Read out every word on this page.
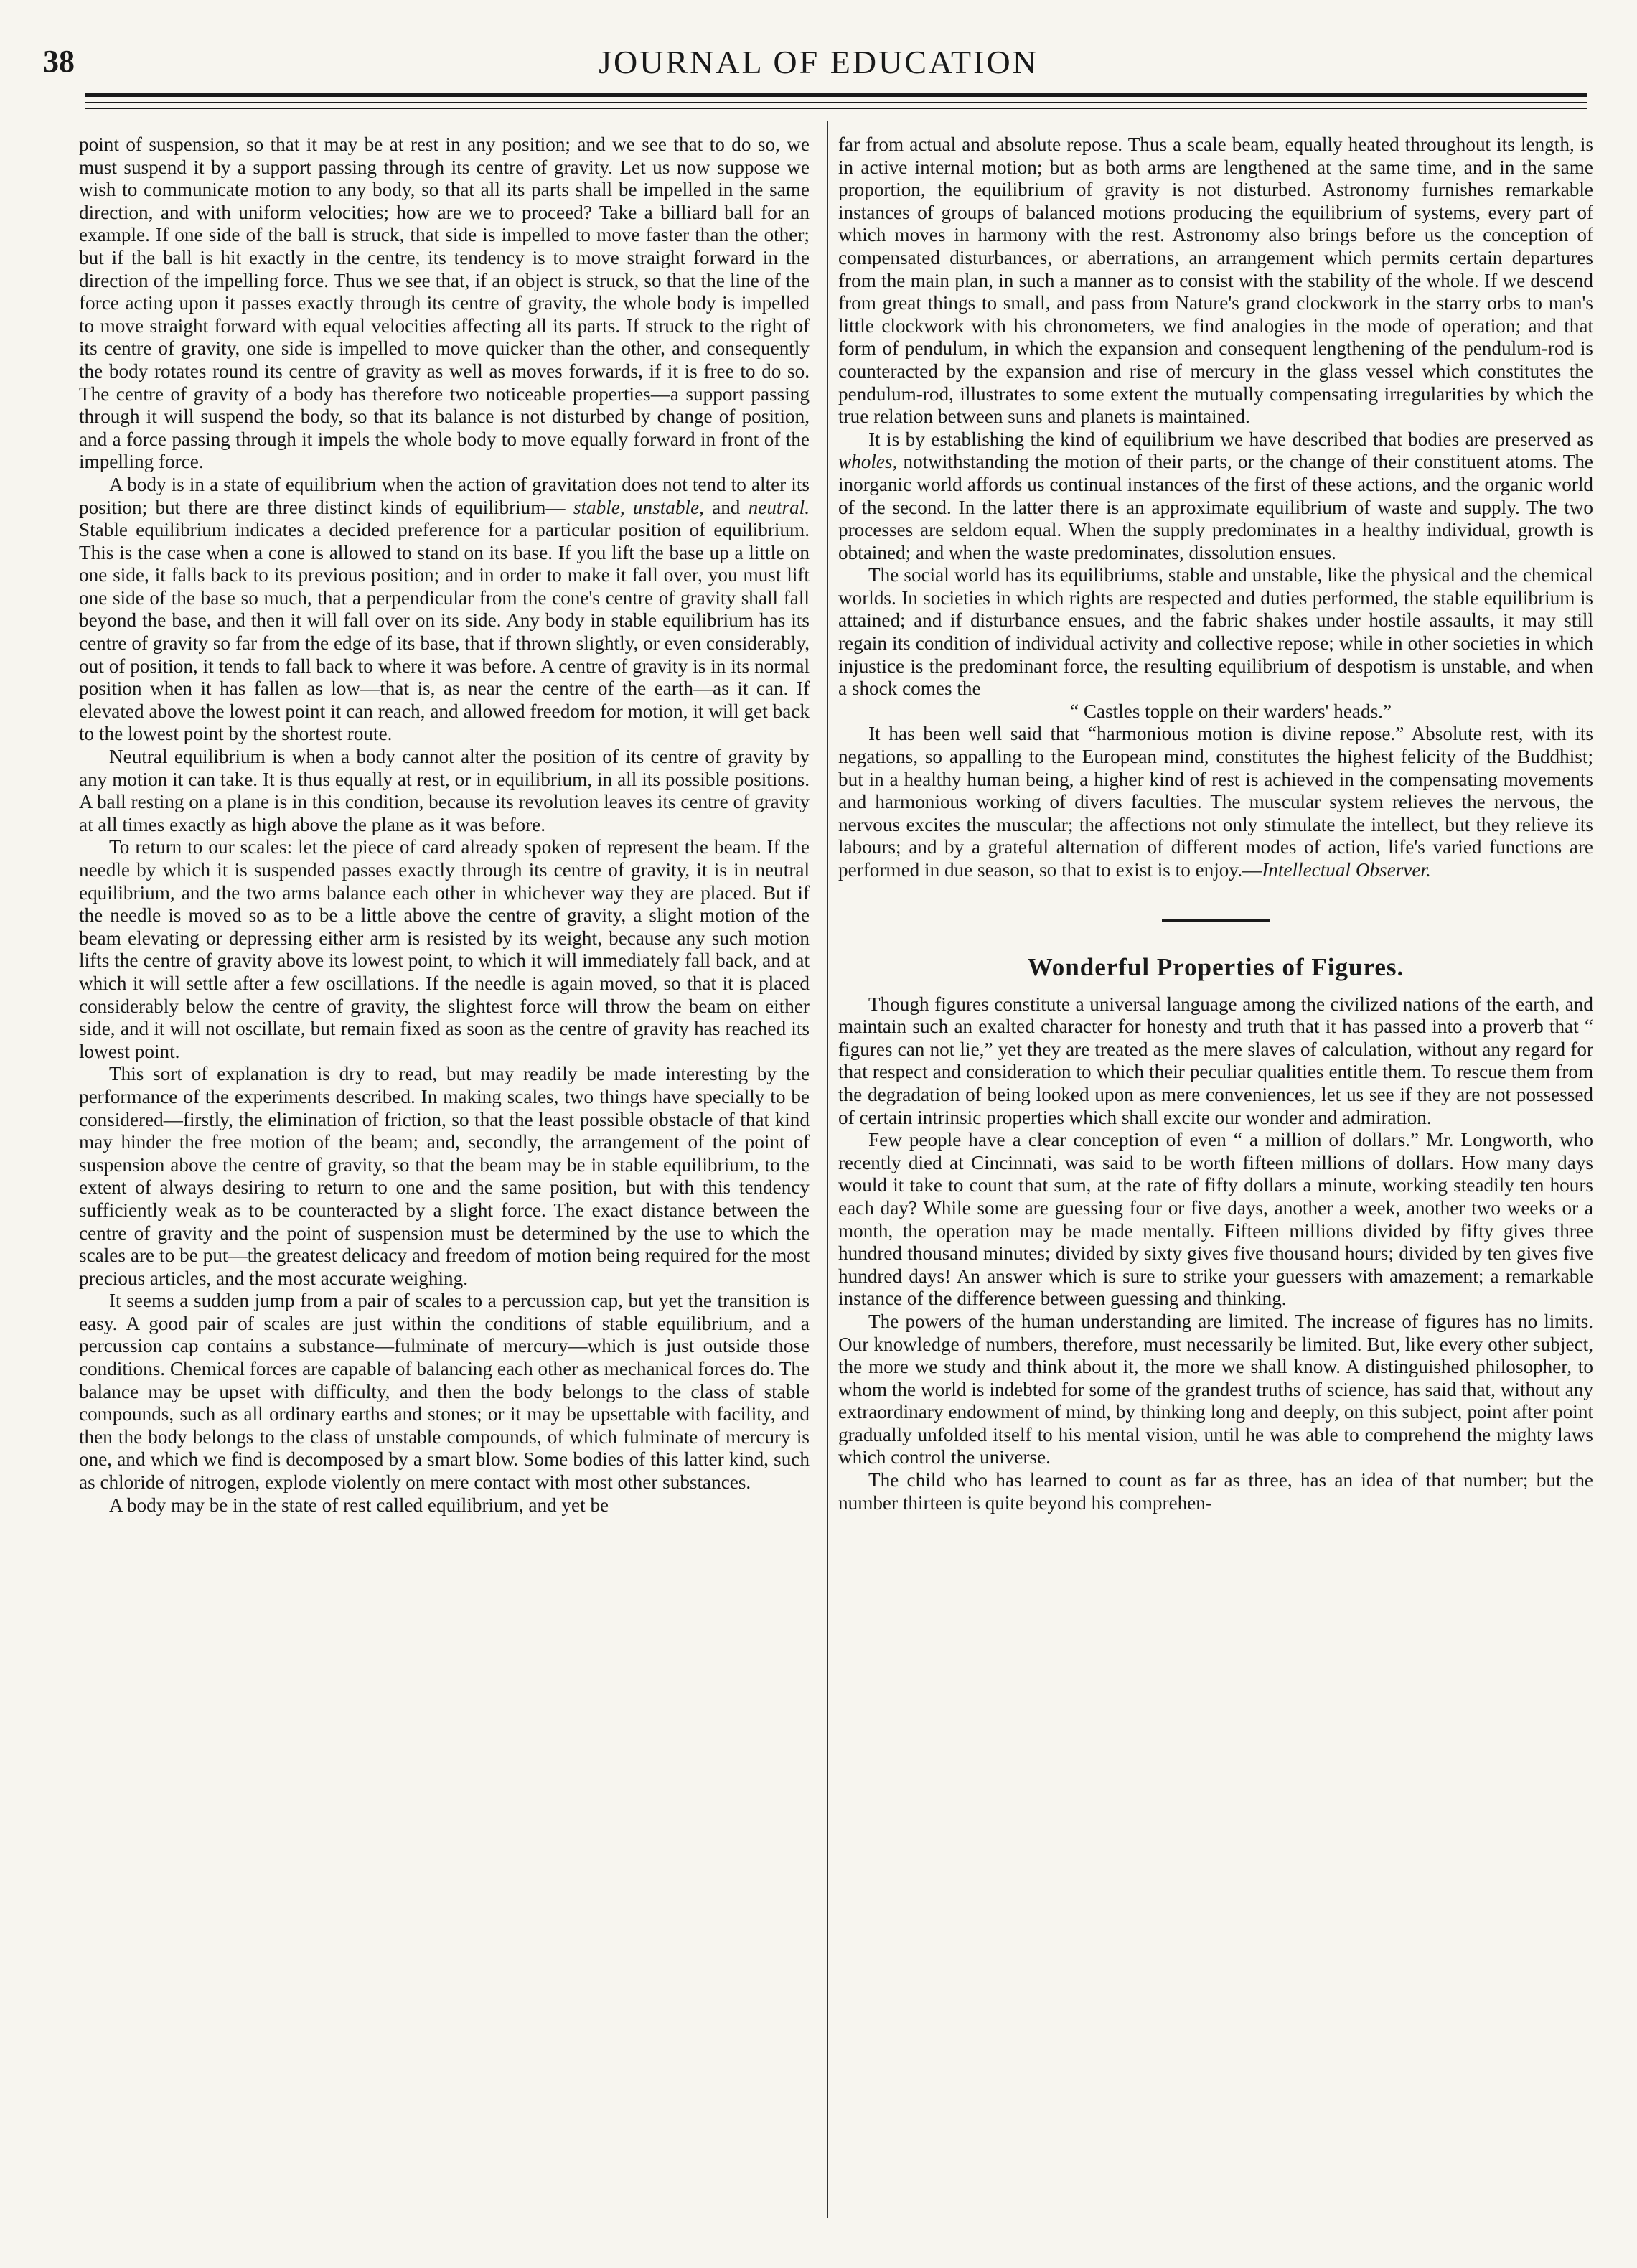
38	JOURNAL OF EDUCATION

point of suspension, so that it may be at rest in any position; and we see that to do so, we must suspend it by a support passing through its centre of gravity. Let us now suppose we wish to communicate motion to any body, so that all its parts shall be impelled in the same direction, and with uniform velocities; how are we to proceed? Take a billiard ball for an example. If one side of the ball is struck, that side is impelled to move faster than the other; but if the ball is hit exactly in the centre, its tendency is to move straight forward in the direction of the impelling force. Thus we see that, if an object is struck, so that the line of the force acting upon it passes exactly through its centre of gravity, the whole body is impelled to move straight forward with equal velocities affecting all its parts. If struck to the right of its centre of gravity, one side is impelled to move quicker than the other, and consequently the body rotates round its centre of gravity as well as moves forwards, if it is free to do so. The centre of gravity of a body has therefore two noticeable properties—a support passing through it will suspend the body, so that its balance is not disturbed by change of position, and a force passing through it impels the whole body to move equally forward in front of the impelling force.

A body is in a state of equilibrium when the action of gravitation does not tend to alter its position; but there are three distinct kinds of equilibrium— stable, unstable, and neutral. Stable equilibrium indicates a decided preference for a particular position of equilibrium. This is the case when a cone is allowed to stand on its base. If you lift the base up a little on one side, it falls back to its previous position; and in order to make it fall over, you must lift one side of the base so much, that a perpendicular from the cone's centre of gravity shall fall beyond the base, and then it will fall over on its side. Any body in stable equilibrium has its centre of gravity so far from the edge of its base, that if thrown slightly, or even considerably, out of position, it tends to fall back to where it was before. A centre of gravity is in its normal position when it has fallen as low—that is, as near the centre of the earth—as it can. If elevated above the lowest point it can reach, and allowed freedom for motion, it will get back to the lowest point by the shortest route.

Neutral equilibrium is when a body cannot alter the position of its centre of gravity by any motion it can take. It is thus equally at rest, or in equilibrium, in all its possible positions. A ball resting on a plane is in this condition, because its revolution leaves its centre of gravity at all times exactly as high above the plane as it was before.

To return to our scales: let the piece of card already spoken of represent the beam. If the needle by which it is suspended passes exactly through its centre of gravity, it is in neutral equilibrium, and the two arms balance each other in whichever way they are placed. But if the needle is moved so as to be a little above the centre of gravity, a slight motion of the beam elevating or depressing either arm is resisted by its weight, because any such motion lifts the centre of gravity above its lowest point, to which it will immediately fall back, and at which it will settle after a few oscillations. If the needle is again moved, so that it is placed considerably below the centre of gravity, the slightest force will throw the beam on either side, and it will not oscillate, but remain fixed as soon as the centre of gravity has reached its lowest point.

This sort of explanation is dry to read, but may readily be made interesting by the performance of the experiments described. In making scales, two things have specially to be considered—firstly, the elimination of friction, so that the least possible obstacle of that kind may hinder the free motion of the beam; and, secondly, the arrangement of the point of suspension above the centre of gravity, so that the beam may be in stable equilibrium, to the extent of always desiring to return to one and the same position, but with this tendency sufficiently weak as to be counteracted by a slight force. The exact distance between the centre of gravity and the point of suspension must be determined by the use to which the scales are to be put—the greatest delicacy and freedom of motion being required for the most precious articles, and the most accurate weighing.

It seems a sudden jump from a pair of scales to a percussion cap, but yet the transition is easy. A good pair of scales are just within the conditions of stable equilibrium, and a percussion cap contains a substance—fulminate of mercury—which is just outside those conditions. Chemical forces are capable of balancing each other as mechanical forces do. The balance may be upset with difficulty, and then the body belongs to the class of stable compounds, such as all ordinary earths and stones; or it may be upsettable with facility, and then the body belongs to the class of unstable compounds, of which fulminate of mercury is one, and which we find is decomposed by a smart blow. Some bodies of this latter kind, such as chloride of nitrogen, explode violently on mere contact with most other substances.

A body may be in the state of rest called equilibrium, and yet be

far from actual and absolute repose. Thus a scale beam, equally heated throughout its length, is in active internal motion; but as both arms are lengthened at the same time, and in the same proportion, the equilibrium of gravity is not disturbed. Astronomy furnishes remarkable instances of groups of balanced motions producing the equilibrium of systems, every part of which moves in harmony with the rest. Astronomy also brings before us the conception of compensated disturbances, or aberrations, an arrangement which permits certain departures from the main plan, in such a manner as to consist with the stability of the whole. If we descend from great things to small, and pass from Nature's grand clockwork in the starry orbs to man's little clockwork with his chronometers, we find analogies in the mode of operation; and that form of pendulum, in which the expansion and consequent lengthening of the pendulum-rod is counteracted by the expansion and rise of mercury in the glass vessel which constitutes the pendulum-rod, illustrates to some extent the mutually compensating irregularities by which the true relation between suns and planets is maintained.

It is by establishing the kind of equilibrium we have described that bodies are preserved as wholes, notwithstanding the motion of their parts, or the change of their constituent atoms. The inorganic world affords us continual instances of the first of these actions, and the organic world of the second. In the latter there is an approximate equilibrium of waste and supply. The two processes are seldom equal. When the supply predominates in a healthy individual, growth is obtained; and when the waste predominates, dissolution ensues.

The social world has its equilibriums, stable and unstable, like the physical and the chemical worlds. In societies in which rights are respected and duties performed, the stable equilibrium is attained; and if disturbance ensues, and the fabric shakes under hostile assaults, it may still regain its condition of individual activity and collective repose; while in other societies in which injustice is the predominant force, the resulting equilibrium of despotism is unstable, and when a shock comes the

“ Castles topple on their warders' heads.”

It has been well said that “harmonious motion is divine repose.” Absolute rest, with its negations, so appalling to the European mind, constitutes the highest felicity of the Buddhist; but in a healthy human being, a higher kind of rest is achieved in the compensating movements and harmonious working of divers faculties. The muscular system relieves the nervous, the nervous excites the muscular; the affections not only stimulate the intellect, but they relieve its labours; and by a grateful alternation of different modes of action, life's varied functions are performed in due season, so that to exist is to enjoy.—Intellectual Observer.

Wonderful Properties of Figures.

Though figures constitute a universal language among the civilized nations of the earth, and maintain such an exalted character for honesty and truth that it has passed into a proverb that “ figures can not lie,” yet they are treated as the mere slaves of calculation, without any regard for that respect and consideration to which their peculiar qualities entitle them. To rescue them from the degradation of being looked upon as mere conveniences, let us see if they are not possessed of certain intrinsic properties which shall excite our wonder and admiration.

Few people have a clear conception of even “ a million of dollars.” Mr. Longworth, who recently died at Cincinnati, was said to be worth fifteen millions of dollars. How many days would it take to count that sum, at the rate of fifty dollars a minute, working steadily ten hours each day? While some are guessing four or five days, another a week, another two weeks or a month, the operation may be made mentally. Fifteen millions divided by fifty gives three hundred thousand minutes; divided by sixty gives five thousand hours; divided by ten gives five hundred days! An answer which is sure to strike your guessers with amazement; a remarkable instance of the difference between guessing and thinking.

The powers of the human understanding are limited. The increase of figures has no limits. Our knowledge of numbers, therefore, must necessarily be limited. But, like every other subject, the more we study and think about it, the more we shall know. A distinguished philosopher, to whom the world is indebted for some of the grandest truths of science, has said that, without any extraordinary endowment of mind, by thinking long and deeply, on this subject, point after point gradually unfolded itself to his mental vision, until he was able to comprehend the mighty laws which control the universe.

The child who has learned to count as far as three, has an idea of that number; but the number thirteen is quite beyond his comprehen-
